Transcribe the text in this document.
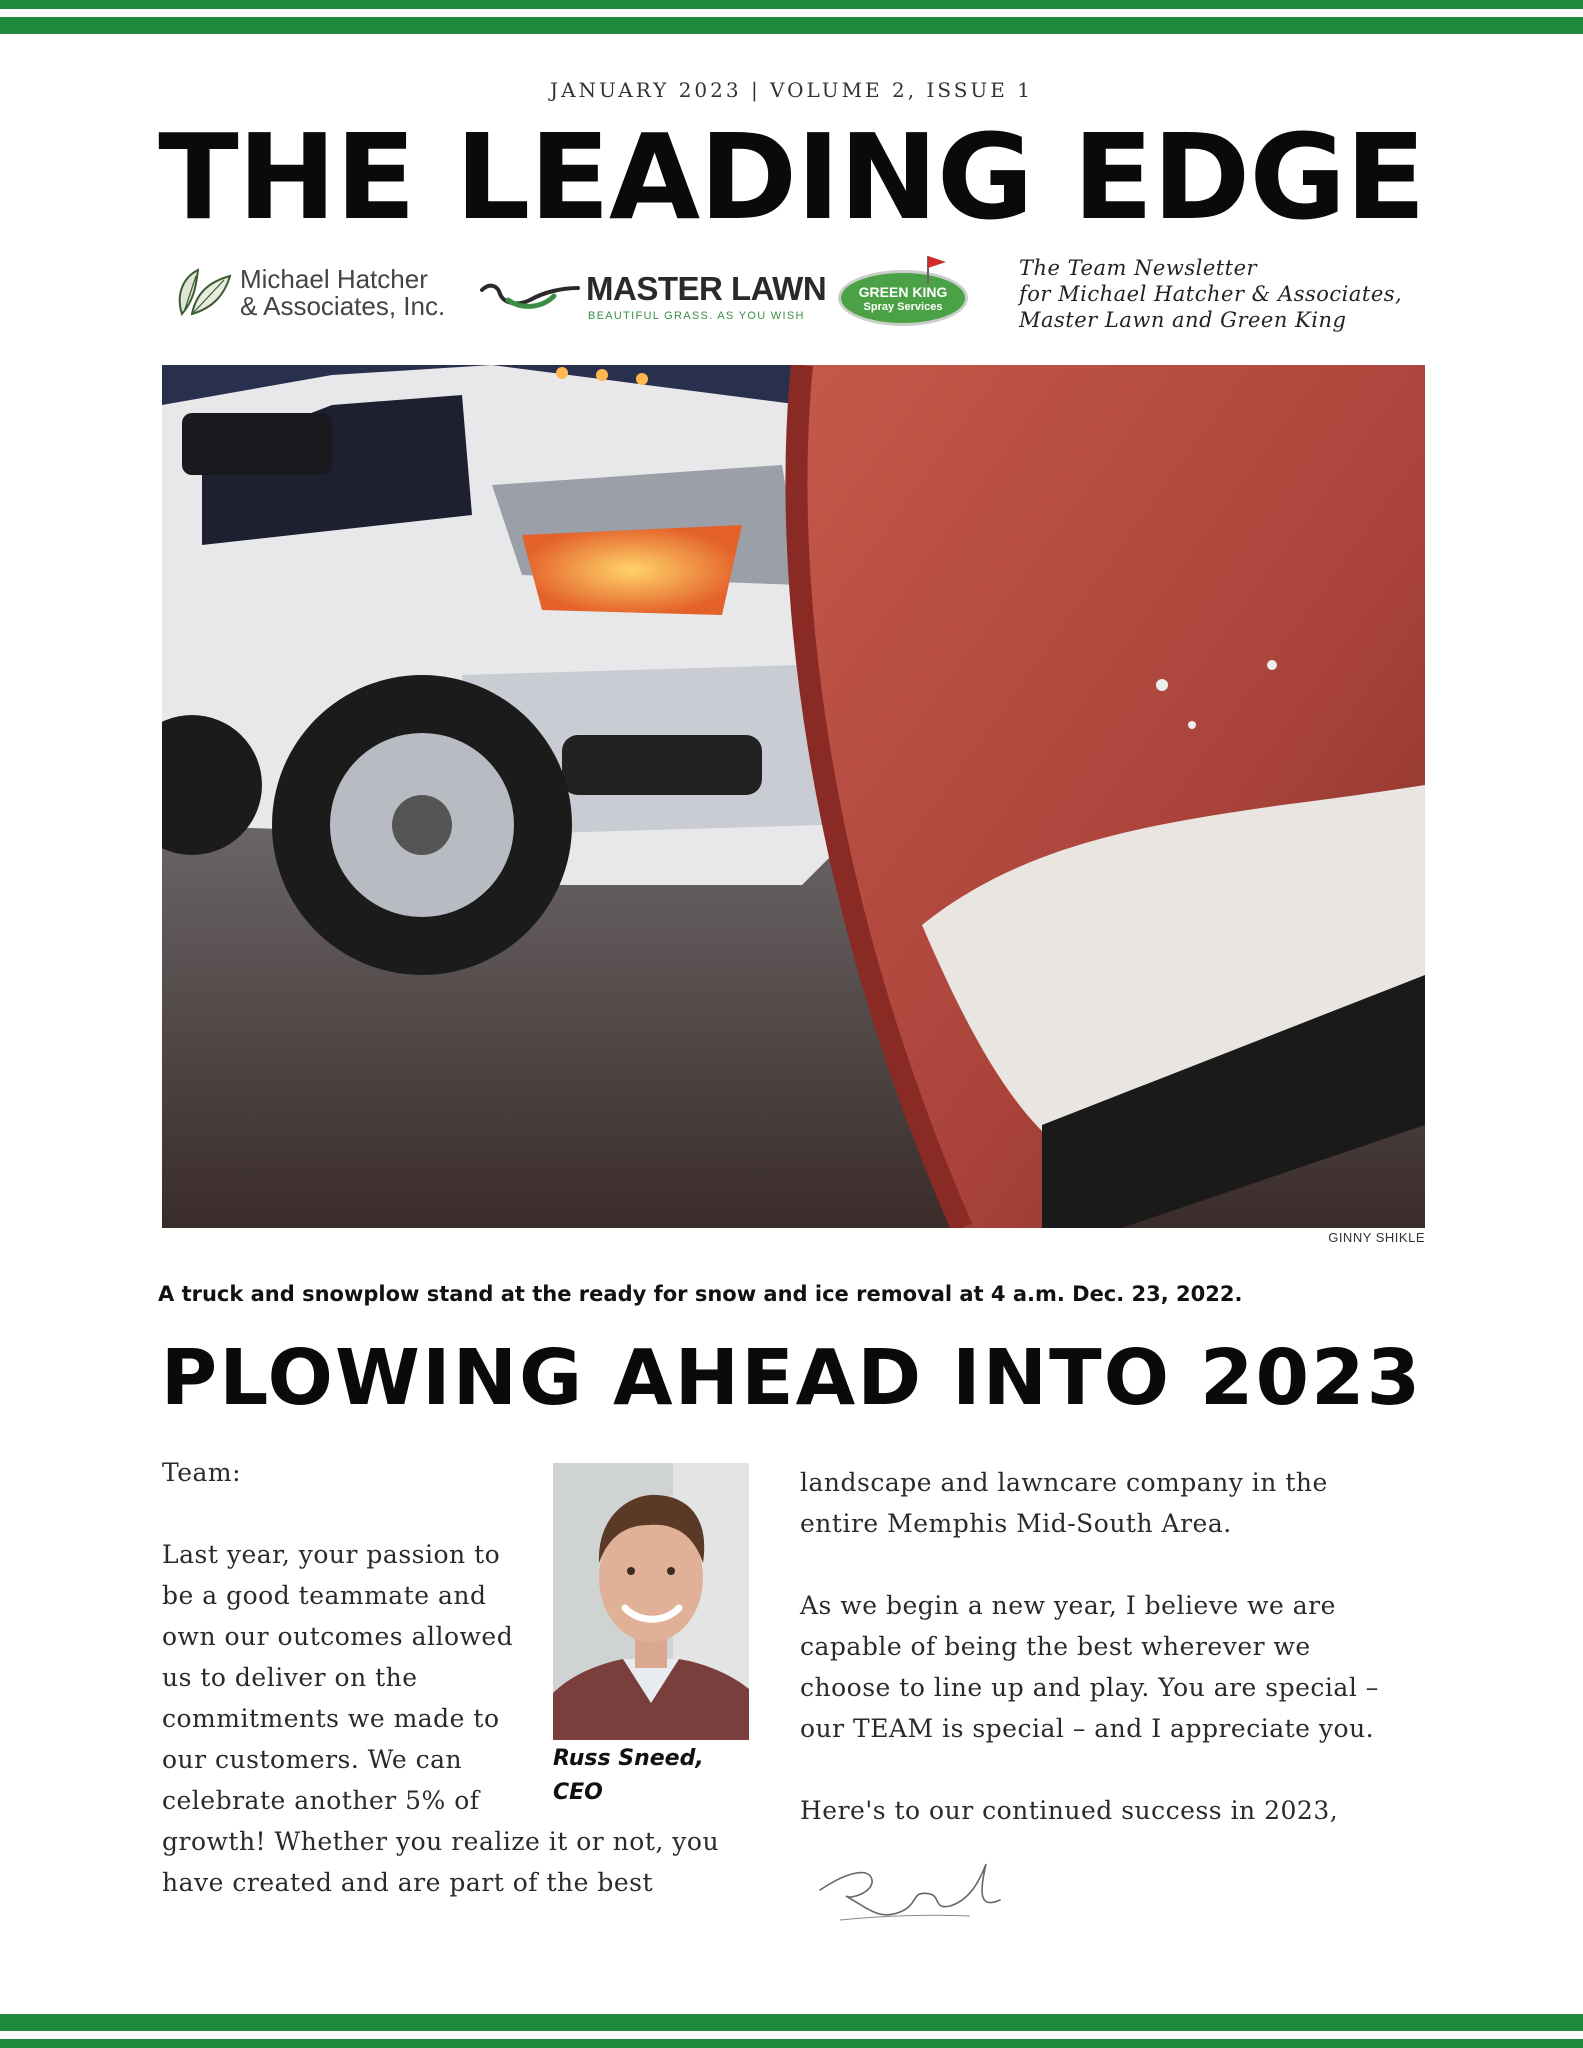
JANUARY 2023 | VOLUME 2, ISSUE 1
THE LEADING EDGE
Michael Hatcher
& Associates, Inc.	MASTER LAWN
BEAUTIFUL GRASS. AS YOU WISH
GREEN KING
Spray Services
The Team Newsletter
for Michael Hatcher & Associates,
Master Lawn and Green King
GINNY SHIKLE
A truck and snowplow stand at the ready for snow and ice removal at 4 a.m. Dec. 23, 2022.
PLOWING AHEAD INTO 2023

Team:

Last year, your passion to

be a good teammate and

own our outcomes allowed

us to deliver on the

commitments we made to

our customers. We can

celebrate another 5% of

growth! Whether you realize it or not, you

have created and are part of the best

Russ Sneed,
CEO

landscape and lawncare company in the

entire Memphis Mid-South Area.

As we begin a new year, I believe we are

capable of being the best wherever we

choose to line up and play. You are special –

our TEAM is special – and I appreciate you.

Here's to our continued success in 2023,
